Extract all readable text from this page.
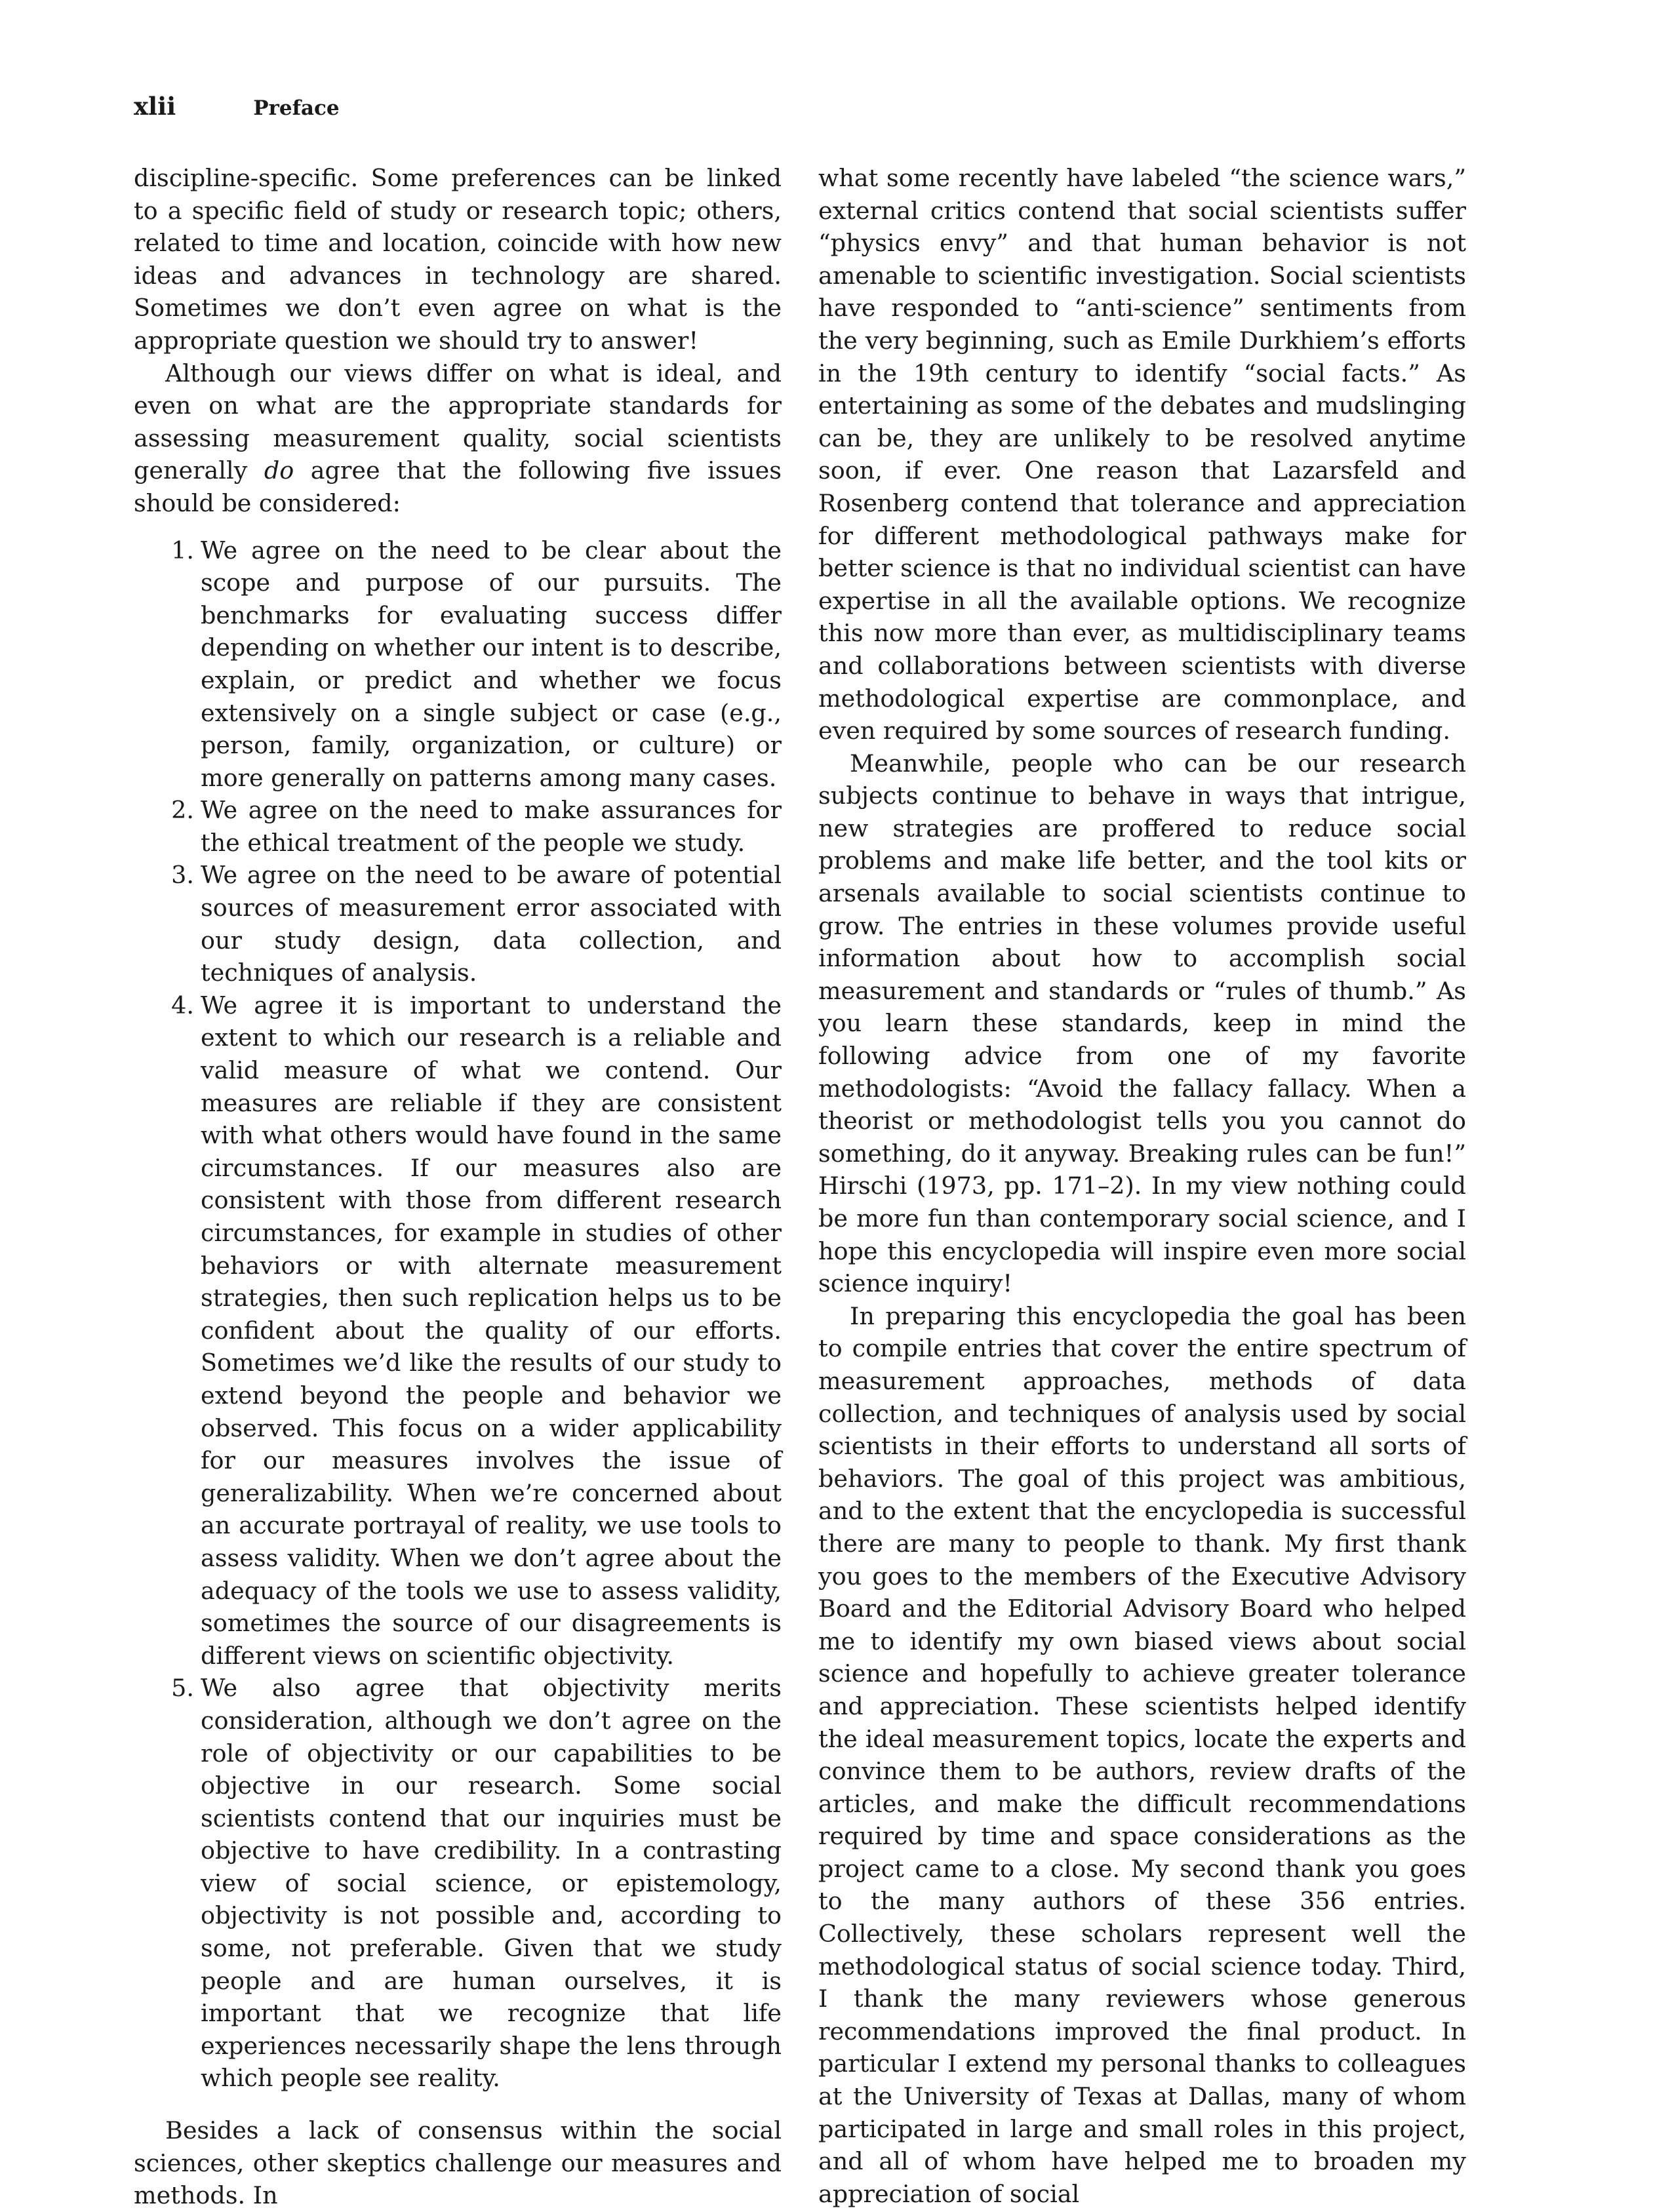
xlii	Preface

discipline-specific. Some preferences can be linked to a specific field of study or research topic; others, related to time and location, coincide with how new ideas and advances in technology are shared. Sometimes we don’t even agree on what is the appropriate question we should try to answer!

Although our views differ on what is ideal, and even on what are the appropriate standards for assessing measurement quality, social scientists generally do agree that the following five issues should be considered:

1. We agree on the need to be clear about the scope and purpose of our pursuits. The benchmarks for evaluating success differ depending on whether our intent is to describe, explain, or predict and whether we focus extensively on a single subject or case (e.g., person, family, organization, or culture) or more generally on patterns among many cases.
2. We agree on the need to make assurances for the ethical treatment of the people we study.
3. We agree on the need to be aware of potential sources of measurement error associated with our study design, data collection, and techniques of analysis.
4. We agree it is important to understand the extent to which our research is a reliable and valid measure of what we contend. Our measures are reliable if they are consistent with what others would have found in the same circumstances. If our measures also are consistent with those from different research circumstances, for example in studies of other behaviors or with alternate measurement strategies, then such replication helps us to be confident about the quality of our efforts. Sometimes we’d like the results of our study to extend beyond the people and behavior we observed. This focus on a wider applicability for our measures involves the issue of generalizability. When we’re concerned about an accurate portrayal of reality, we use tools to assess validity. When we don’t agree about the adequacy of the tools we use to assess validity, sometimes the source of our disagreements is different views on scientific objectivity.
5. We also agree that objectivity merits consideration, although we don’t agree on the role of objectivity or our capabilities to be objective in our research. Some social scientists contend that our inquiries must be objective to have credibility. In a contrasting view of social science, or epistemology, objectivity is not possible and, according to some, not preferable. Given that we study people and are human ourselves, it is important that we recognize that life experiences necessarily shape the lens through which people see reality.

Besides a lack of consensus within the social sciences, other skeptics challenge our measures and methods. In

what some recently have labeled “the science wars,” external critics contend that social scientists suffer “physics envy” and that human behavior is not amenable to scientific investigation. Social scientists have responded to “anti-science” sentiments from the very beginning, such as Emile Durkhiem’s efforts in the 19th century to identify “social facts.” As entertaining as some of the debates and mudslinging can be, they are unlikely to be resolved anytime soon, if ever. One reason that Lazarsfeld and Rosenberg contend that tolerance and appreciation for different methodological pathways make for better science is that no individual scientist can have expertise in all the available options. We recognize this now more than ever, as multidisciplinary teams and collaborations between scientists with diverse methodological expertise are commonplace, and even required by some sources of research funding.

Meanwhile, people who can be our research subjects continue to behave in ways that intrigue, new strategies are proffered to reduce social problems and make life better, and the tool kits or arsenals available to social scientists continue to grow. The entries in these volumes provide useful information about how to accomplish social measurement and standards or “rules of thumb.” As you learn these standards, keep in mind the following advice from one of my favorite methodologists: “Avoid the fallacy fallacy. When a theorist or methodologist tells you you cannot do something, do it anyway. Breaking rules can be fun!” Hirschi (1973, pp. 171–2). In my view nothing could be more fun than contemporary social science, and I hope this encyclopedia will inspire even more social science inquiry!

In preparing this encyclopedia the goal has been to compile entries that cover the entire spectrum of measurement approaches, methods of data collection, and techniques of analysis used by social scientists in their efforts to understand all sorts of behaviors. The goal of this project was ambitious, and to the extent that the encyclopedia is successful there are many to people to thank. My first thank you goes to the members of the Executive Advisory Board and the Editorial Advisory Board who helped me to identify my own biased views about social science and hopefully to achieve greater tolerance and appreciation. These scientists helped identify the ideal measurement topics, locate the experts and convince them to be authors, review drafts of the articles, and make the difficult recommendations required by time and space considerations as the project came to a close. My second thank you goes to the many authors of these 356 entries. Collectively, these scholars represent well the methodological status of social science today. Third, I thank the many reviewers whose generous recommendations improved the final product. In particular I extend my personal thanks to colleagues at the University of Texas at Dallas, many of whom participated in large and small roles in this project, and all of whom have helped me to broaden my appreciation of social
